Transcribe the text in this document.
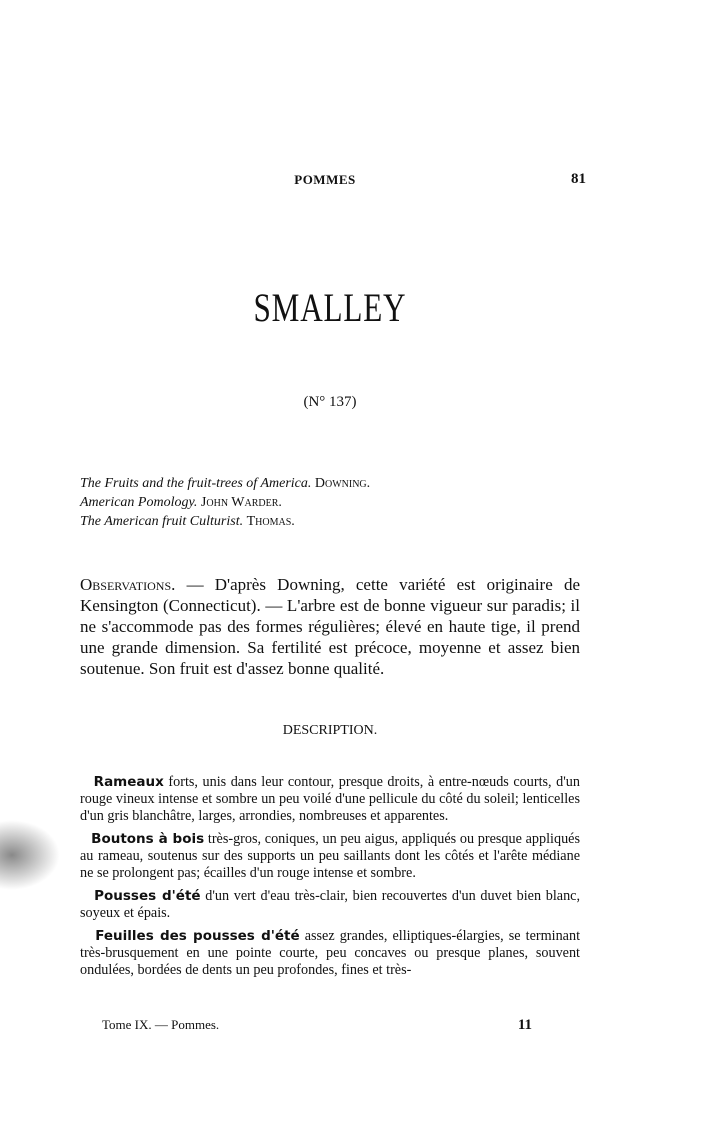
POMMES	81
SMALLEY
(N° 137)
The Fruits and the fruit-trees of America. Downing.
American Pomology. John Warder.
The American fruit Culturist. Thomas.
Observations. — D'après Downing, cette variété est originaire de Kensington (Connecticut). — L'arbre est de bonne vigueur sur paradis; il ne s'accommode pas des formes régulières; élevé en haute tige, il prend une grande dimension. Sa fertilité est précoce, moyenne et assez bien soutenue. Son fruit est d'assez bonne qualité.
DESCRIPTION.

Rameaux forts, unis dans leur contour, presque droits, à entre-nœuds courts, d'un rouge vineux intense et sombre un peu voilé d'une pellicule du côté du soleil; lenticelles d'un gris blanchâtre, larges, arrondies, nombreuses et apparentes.

Boutons à bois très-gros, coniques, un peu aigus, appliqués ou presque appliqués au rameau, soutenus sur des supports un peu saillants dont les côtés et l'arête médiane ne se prolongent pas; écailles d'un rouge intense et sombre.

Pousses d'été d'un vert d'eau très-clair, bien recouvertes d'un duvet bien blanc, soyeux et épais.

Feuilles des pousses d'été assez grandes, elliptiques-élargies, se terminant très-brusquement en une pointe courte, peu concaves ou presque planes, souvent ondulées, bordées de dents un peu profondes, fines et très-

Tome IX. — Pommes.	11
